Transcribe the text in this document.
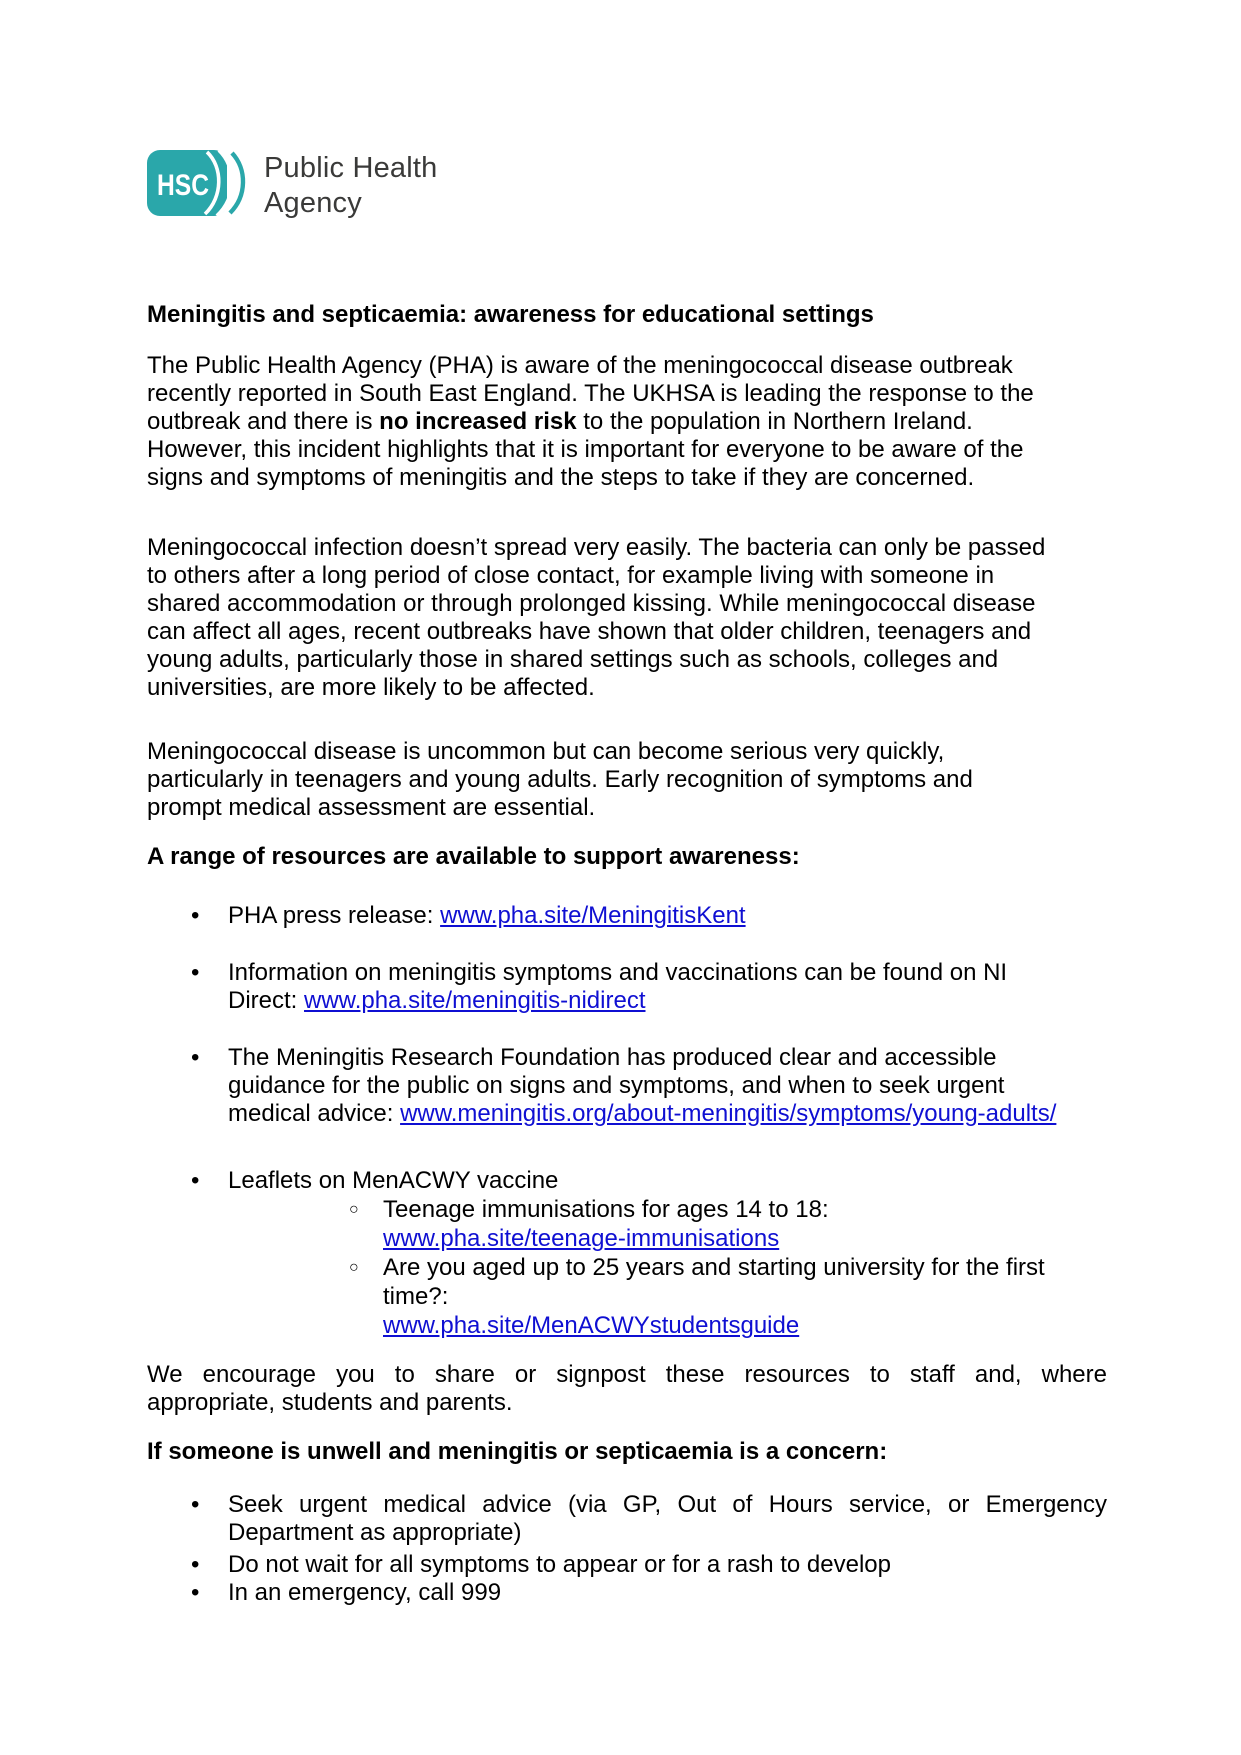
HSC
Public Health
Agency
Meningitis and septicaemia: awareness for educational settings

The Public Health Agency (PHA) is aware of the meningococcal disease outbreak
recently reported in South East England. The UKHSA is leading the response to the
outbreak and there is no increased risk to the population in Northern Ireland.
However, this incident highlights that it is important for everyone to be aware of the
signs and symptoms of meningitis and the steps to take if they are concerned.

Meningococcal infection doesn’t spread very easily. The bacteria can only be passed
to others after a long period of close contact, for example living with someone in
shared accommodation or through prolonged kissing. While meningococcal disease
can affect all ages, recent outbreaks have shown that older children, teenagers and
young adults, particularly those in shared settings such as schools, colleges and
universities, are more likely to be affected.

Meningococcal disease is uncommon but can become serious very quickly,
particularly in teenagers and young adults. Early recognition of symptoms and
prompt medical assessment are essential.

A range of resources are available to support awareness:
• PHA press release: www.pha.site/MeningitisKent
• Information on meningitis symptoms and vaccinations can be found on NI
Direct: www.pha.site/meningitis-nidirect
• The Meningitis Research Foundation has produced clear and accessible
guidance for the public on signs and symptoms, and when to seek urgent
medical advice: www.meningitis.org/about-meningitis/symptoms/young-adults/
• Leaflets on MenACWY vaccine
○ Teenage immunisations for ages 14 to 18:
www.pha.site/teenage-immunisations
○ Are you aged up to 25 years and starting university for the first time?:
www.pha.site/MenACWYstudentsguide

We encourage you to share or signpost these resources to staff and, where
appropriate, students and parents.

If someone is unwell and meningitis or septicaemia is a concern:
• Seek urgent medical advice (via GP, Out of Hours service, or Emergency
Department as appropriate)
• Do not wait for all symptoms to appear or for a rash to develop
• In an emergency, call 999
